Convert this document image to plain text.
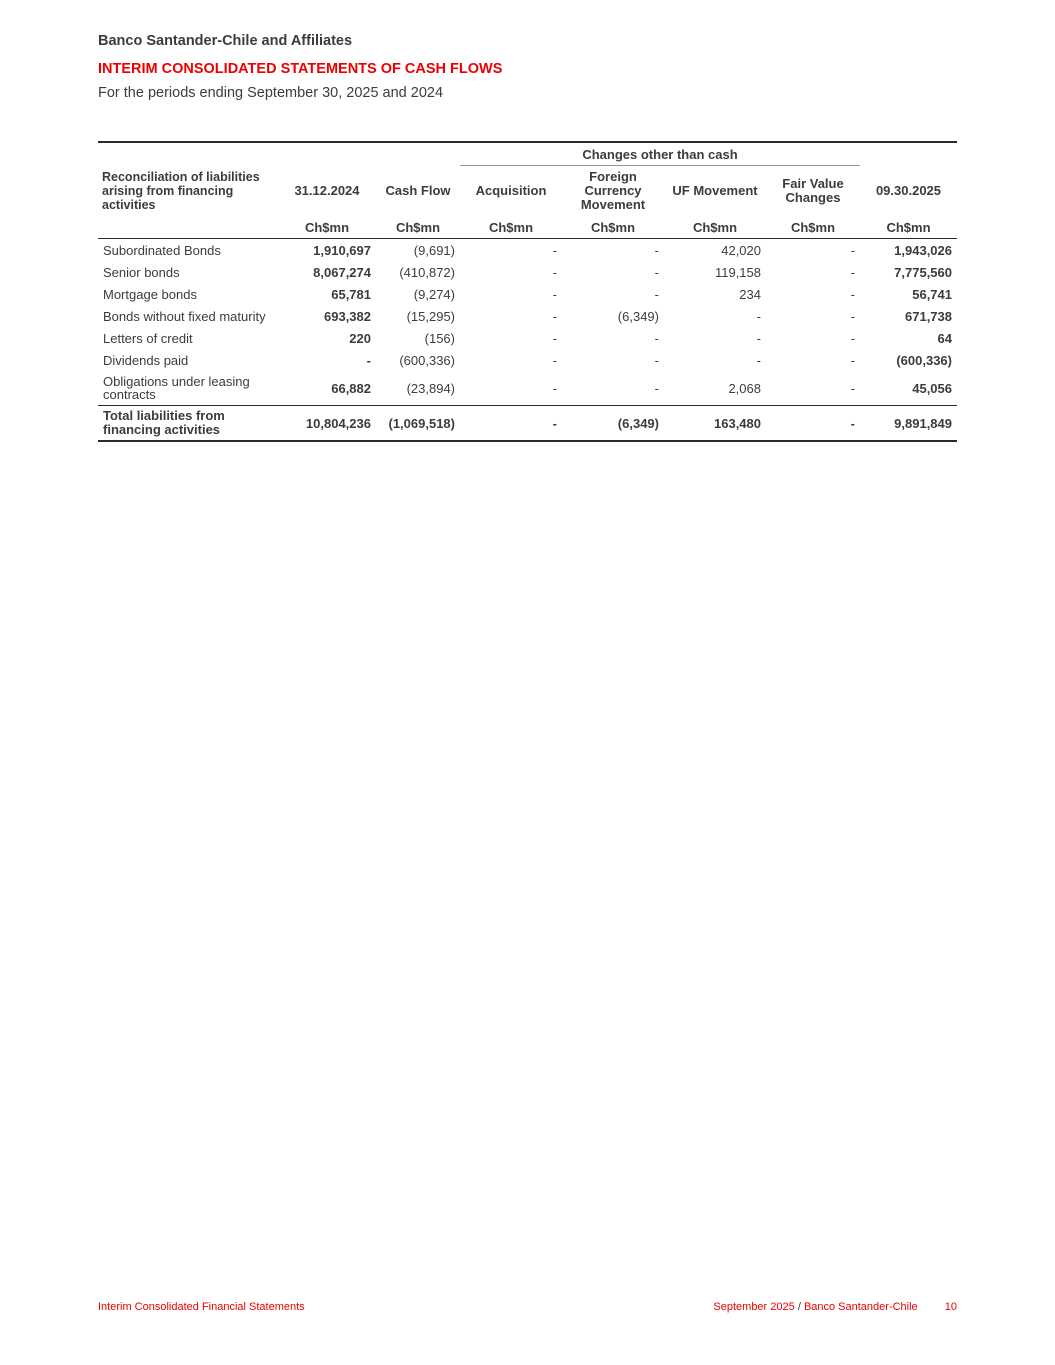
Banco Santander-Chile and Affiliates

INTERIM CONSOLIDATED STATEMENTS OF CASH FLOWS

For the periods ending September 30, 2025 and 2024

			Changes other than cash				
Reconciliation of liabilities arising from financing activities	31.12.2024	Cash Flow	Acquisition	Foreign Currency Movement	UF Movement	Fair Value Changes	09.30.2025
	Ch$mn	Ch$mn	Ch$mn	Ch$mn	Ch$mn	Ch$mn	Ch$mn
Subordinated Bonds	1,910,697	(9,691)	-	-	42,020	-	1,943,026
Senior bonds	8,067,274	(410,872)	-	-	119,158	-	7,775,560
Mortgage bonds	65,781	(9,274)	-	-	234	-	56,741
Bonds without fixed maturity	693,382	(15,295)	-	(6,349)	-	-	671,738
Letters of credit	220	(156)	-	-	-	-	64
Dividends paid	-	(600,336)	-	-	-	-	(600,336)
Obligations under leasing contracts	66,882	(23,894)	-	-	2,068	-	45,056
Total liabilities from financing activities	10,804,236	(1,069,518)	-	(6,349)	163,480	-	9,891,849
Interim Consolidated Financial Statements	September 2025 / Banco Santander-Chile 10
